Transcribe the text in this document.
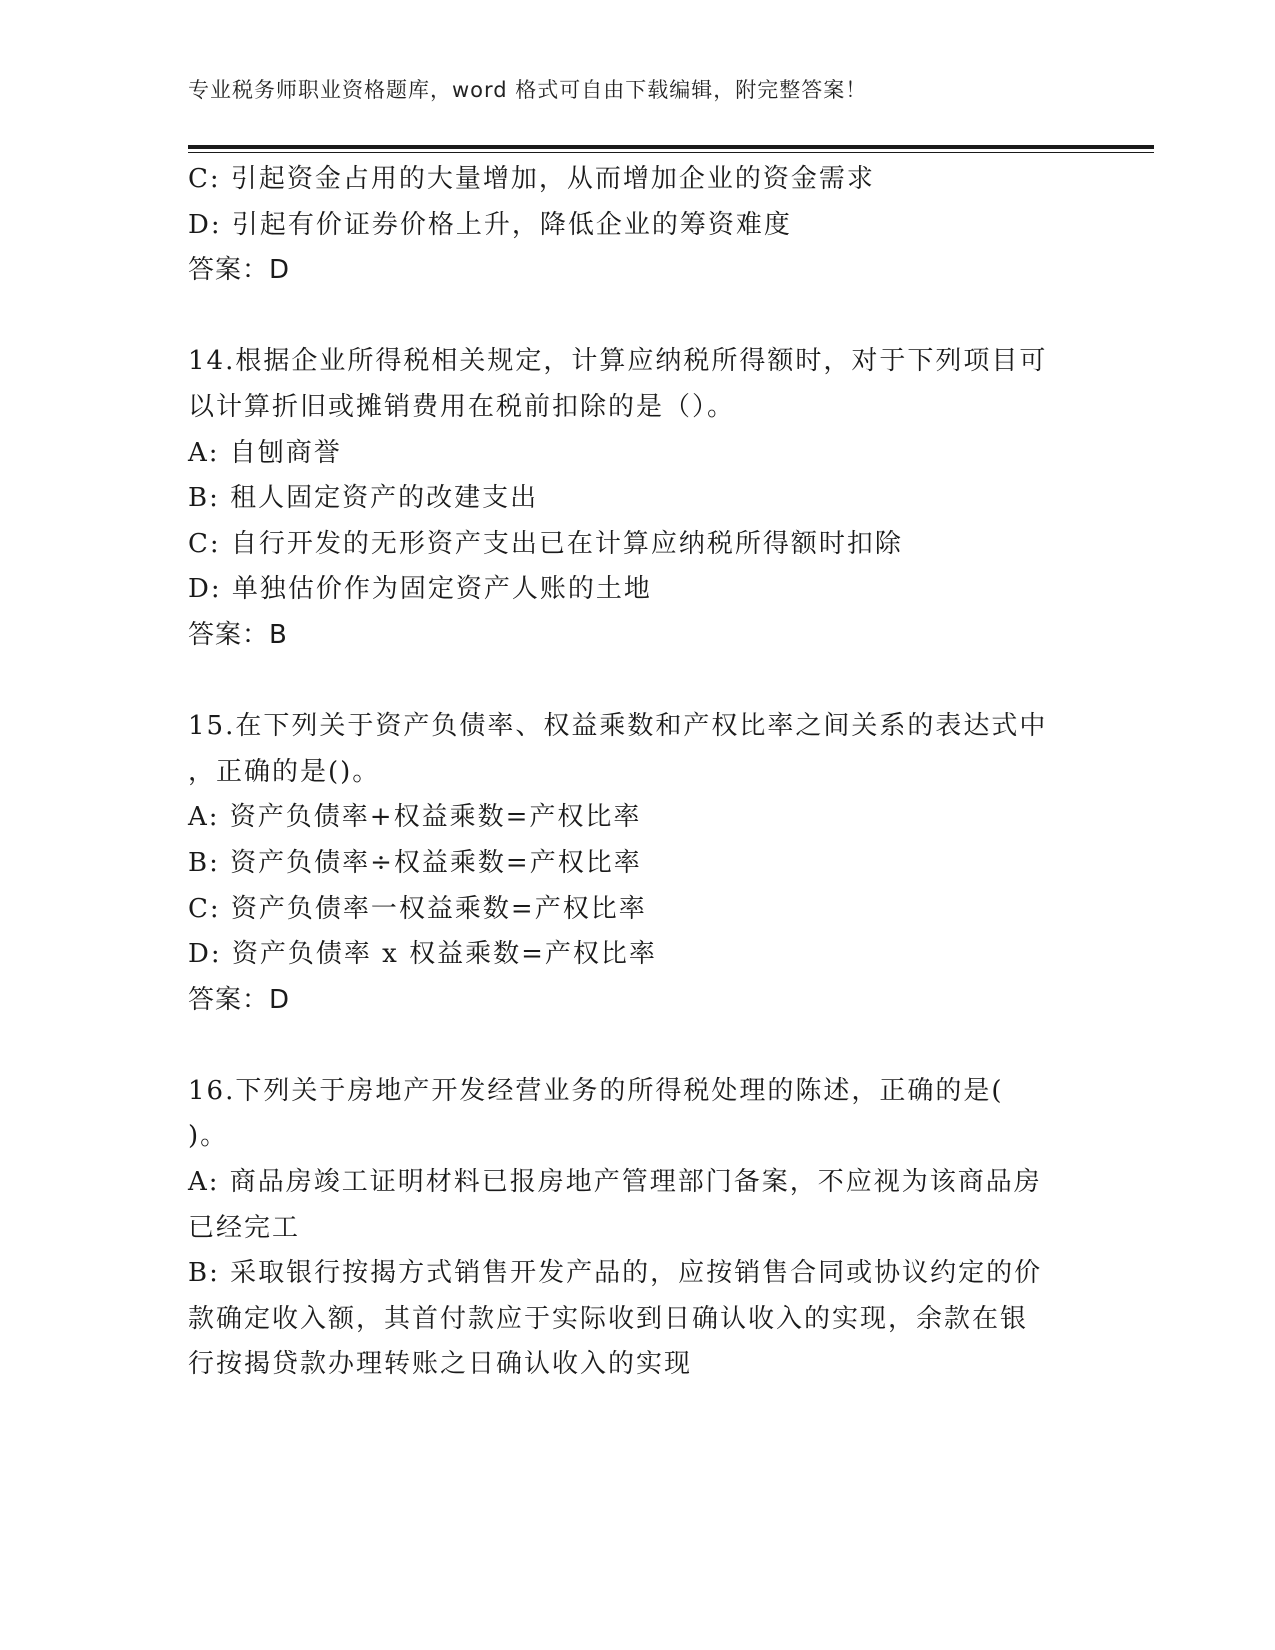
专业税务师职业资格题库，word 格式可自由下载编辑，附完整答案！
C: 引起资金占用的大量增加，从而增加企业的资金需求
D: 引起有价证券价格上升，降低企业的筹资难度
答案：D
14.根据企业所得税相关规定，计算应纳税所得额时，对于下列项目可
以计算折旧或摊销费用在税前扣除的是（）。
A: 自刨商誉
B: 租人固定资产的改建支出
C: 自行开发的无形资产支出已在计算应纳税所得额时扣除
D: 单独估价作为固定资产人账的土地
答案：B
15.在下列关于资产负债率、权益乘数和产权比率之间关系的表达式中
，正确的是()。
A: 资产负债率+权益乘数=产权比率
B: 资产负债率÷权益乘数=产权比率
C: 资产负债率一权益乘数=产权比率
D: 资产负债率 x 权益乘数=产权比率
答案：D
16.下列关于房地产开发经营业务的所得税处理的陈述，正确的是(
)。
A: 商品房竣工证明材料已报房地产管理部门备案，不应视为该商品房
已经完工
B: 采取银行按揭方式销售开发产品的，应按销售合同或协议约定的价
款确定收入额，其首付款应于实际收到日确认收入的实现，余款在银
行按揭贷款办理转账之日确认收入的实现
